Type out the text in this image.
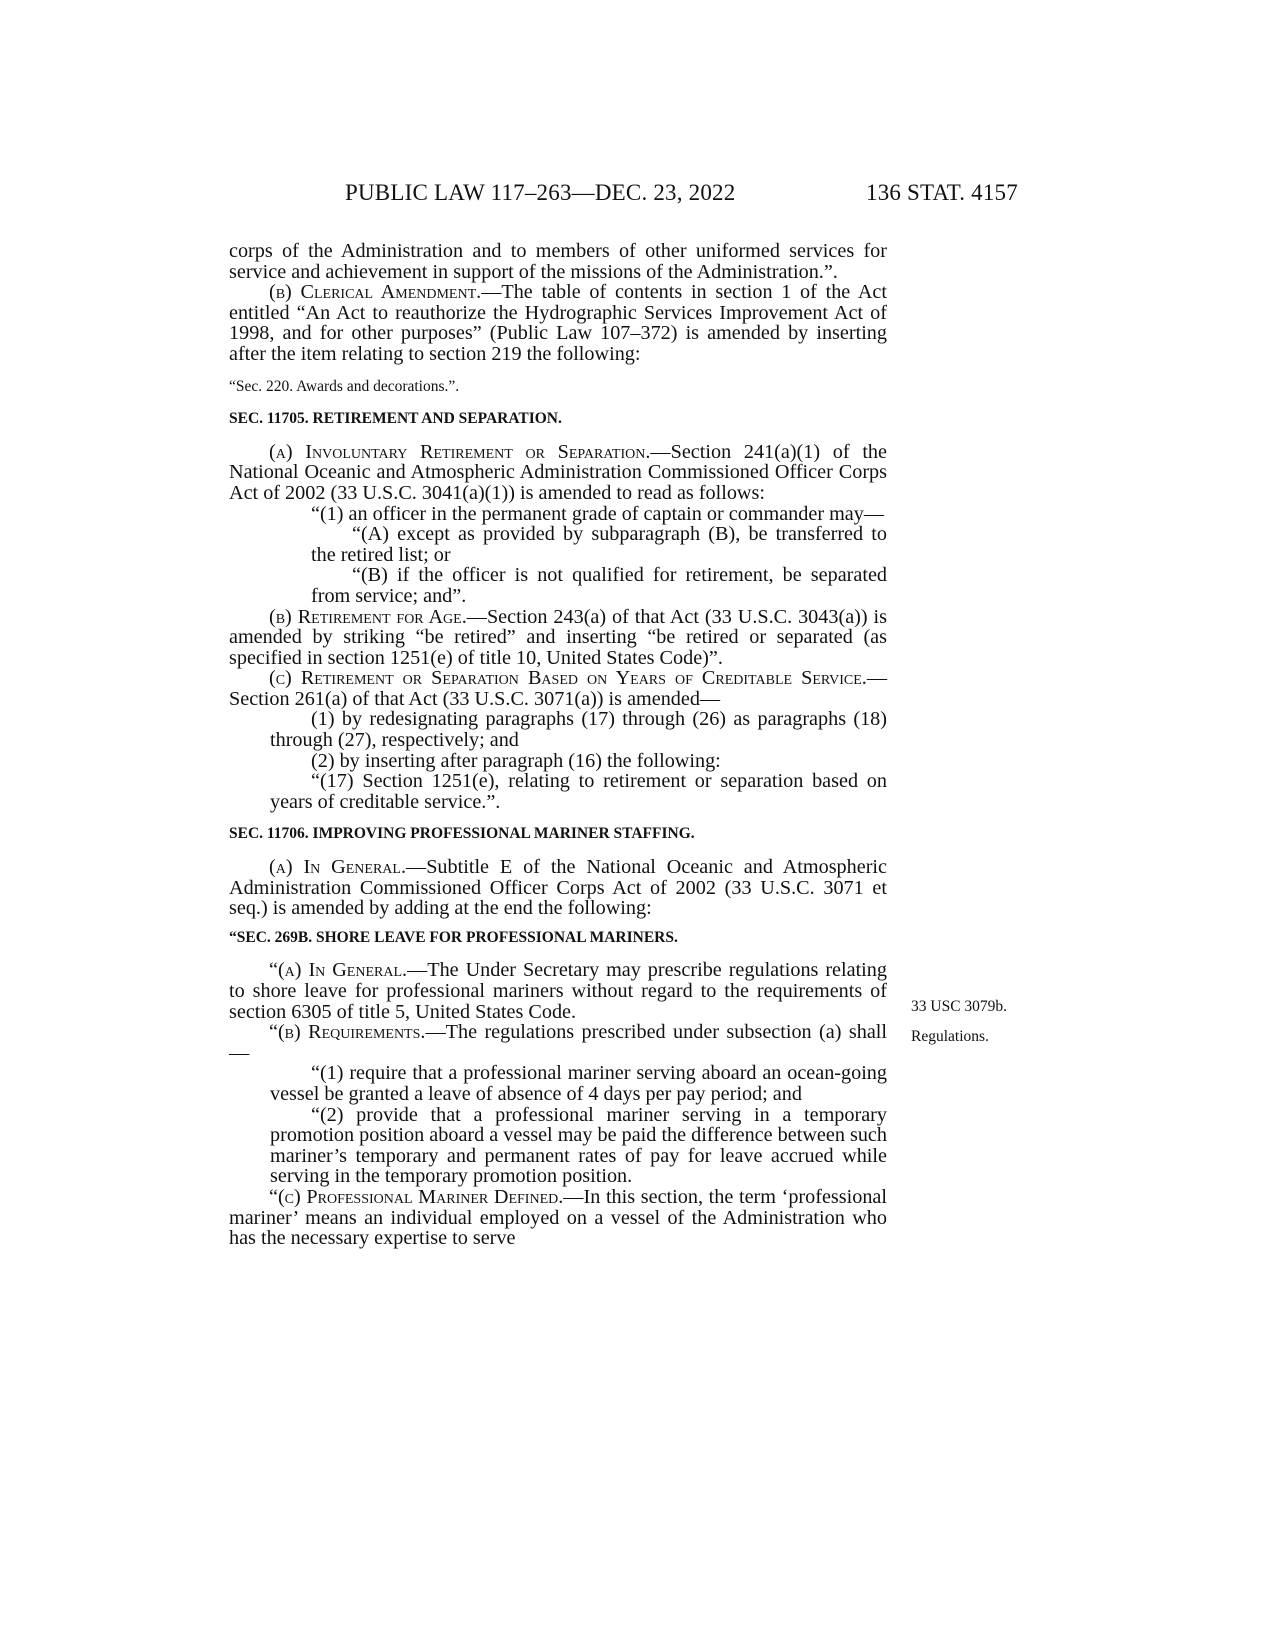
PUBLIC LAW 117–263—DEC. 23, 2022	136 STAT. 4157

corps of the Administration and to members of other uniformed services for service and achievement in support of the missions of the Administration.”.

(b) Clerical Amendment.—The table of contents in section 1 of the Act entitled “An Act to reauthorize the Hydrographic Services Improvement Act of 1998, and for other purposes” (Public Law 107–372) is amended by inserting after the item relating to section 219 the following:

“Sec. 220. Awards and decorations.”.

SEC. 11705. RETIREMENT AND SEPARATION.

(a) Involuntary Retirement or Separation.—Section 241(a)(1) of the National Oceanic and Atmospheric Administration Commissioned Officer Corps Act of 2002 (33 U.S.C. 3041(a)(1)) is amended to read as follows:

“(1) an officer in the permanent grade of captain or commander may—

“(A) except as provided by subparagraph (B), be transferred to the retired list; or

“(B) if the officer is not qualified for retirement, be separated from service; and”.

(b) Retirement for Age.—Section 243(a) of that Act (33 U.S.C. 3043(a)) is amended by striking “be retired” and inserting “be retired or separated (as specified in section 1251(e) of title 10, United States Code)”.

(c) Retirement or Separation Based on Years of Creditable Service.—Section 261(a) of that Act (33 U.S.C. 3071(a)) is amended—

(1) by redesignating paragraphs (17) through (26) as paragraphs (18) through (27), respectively; and

(2) by inserting after paragraph (16) the following:

“(17) Section 1251(e), relating to retirement or separation based on years of creditable service.”.

SEC. 11706. IMPROVING PROFESSIONAL MARINER STAFFING.

(a) In General.—Subtitle E of the National Oceanic and Atmospheric Administration Commissioned Officer Corps Act of 2002 (33 U.S.C. 3071 et seq.) is amended by adding at the end the following:

“SEC. 269B. SHORE LEAVE FOR PROFESSIONAL MARINERS.

“(a) In General.—The Under Secretary may prescribe regulations relating to shore leave for professional mariners without regard to the requirements of section 6305 of title 5, United States Code.

“(b) Requirements.—The regulations prescribed under subsection (a) shall—

“(1) require that a professional mariner serving aboard an ocean-going vessel be granted a leave of absence of 4 days per pay period; and

“(2) provide that a professional mariner serving in a temporary promotion position aboard a vessel may be paid the difference between such mariner’s temporary and permanent rates of pay for leave accrued while serving in the temporary promotion position.

“(c) Professional Mariner Defined.—In this section, the term ‘professional mariner’ means an individual employed on a vessel of the Administration who has the necessary expertise to serve

33 USC 3079b.
Regulations.
